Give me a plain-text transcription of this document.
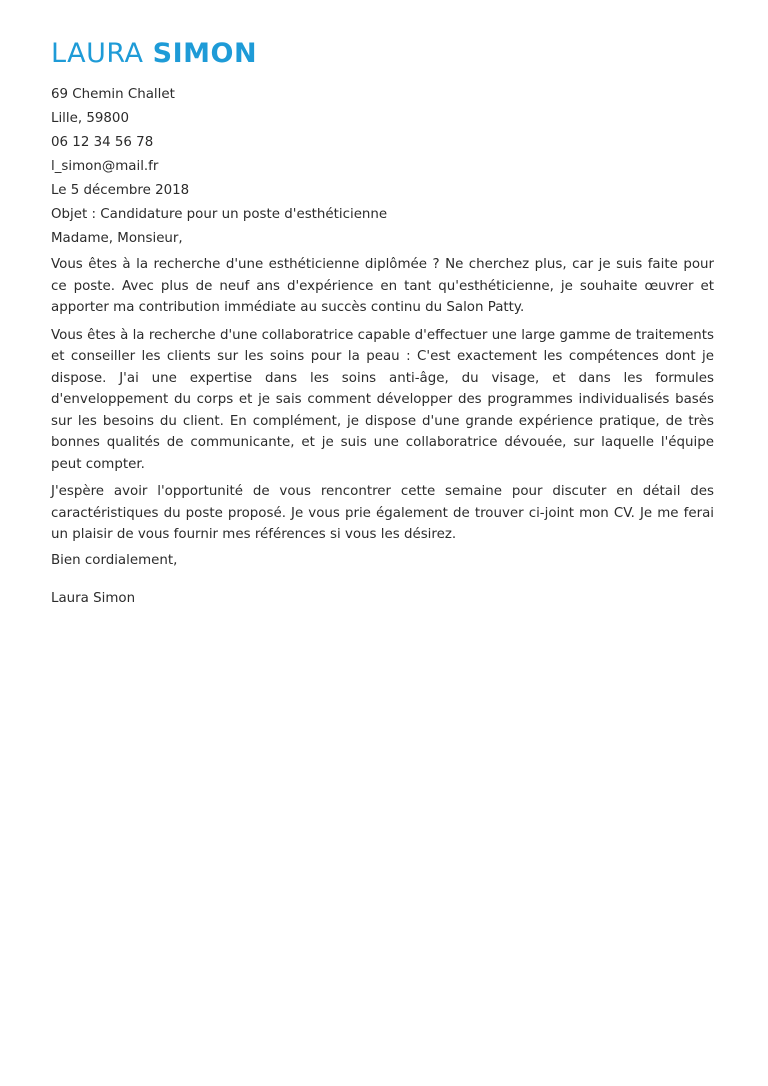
LAURA SIMON

69 Chemin Challet

Lille, 59800

06 12 34 56 78

l_simon@mail.fr

Le 5 décembre 2018

Objet : Candidature pour un poste d'esthéticienne

Madame, Monsieur,

Vous êtes à la recherche d'une esthéticienne diplômée ? Ne cherchez plus, car je suis faite pour ce poste. Avec plus de neuf ans d'expérience en tant qu'esthéticienne, je souhaite œuvrer et apporter ma contribution immédiate au succès continu du Salon Patty.

Vous êtes à la recherche d'une collaboratrice capable d'effectuer une large gamme de traitements et conseiller les clients sur les soins pour la peau : C'est exactement les compétences dont je dispose. J'ai une expertise dans les soins anti-âge, du visage, et dans les formules d'enveloppement du corps et je sais comment développer des programmes individualisés basés sur les besoins du client. En complément, je dispose d'une grande expérience pratique, de très bonnes qualités de communicante, et je suis une collaboratrice dévouée, sur laquelle l'équipe peut compter.

J'espère avoir l'opportunité de vous rencontrer cette semaine pour discuter en détail des caractéristiques du poste proposé. Je vous prie également de trouver ci-joint mon CV. Je me ferai un plaisir de vous fournir mes références si vous les désirez.

Bien cordialement,

Laura Simon
